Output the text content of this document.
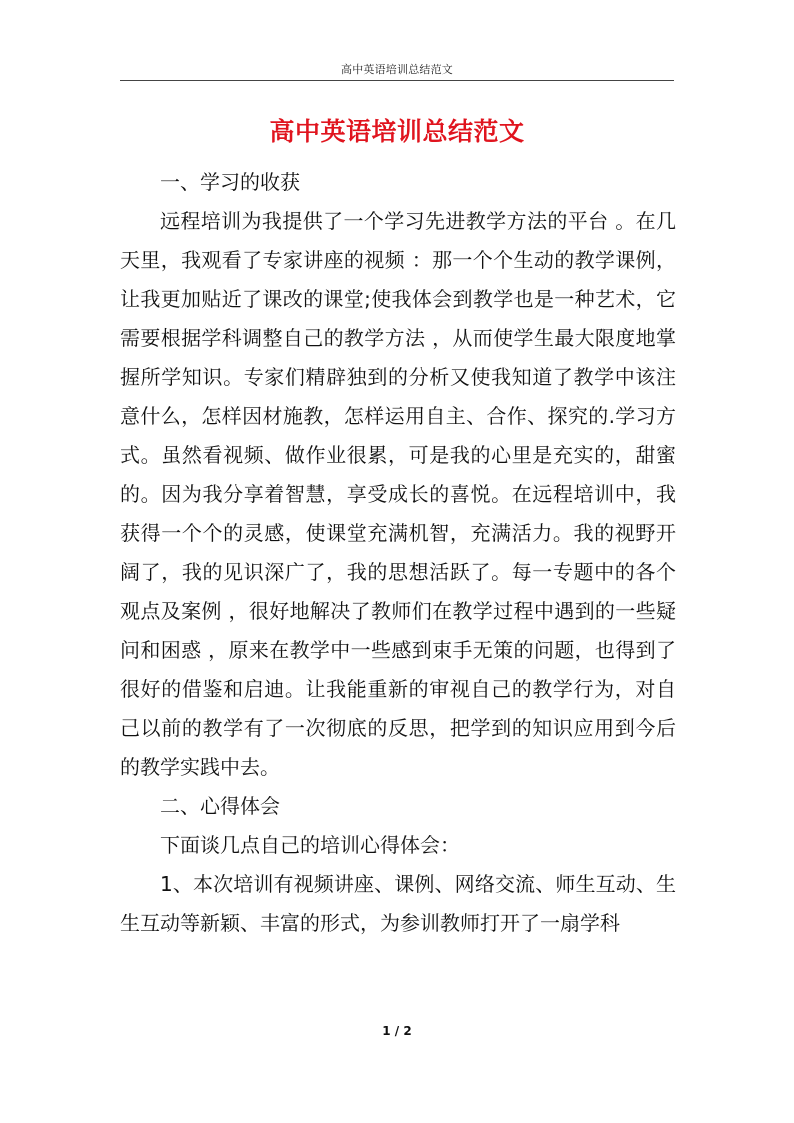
高中英语培训总结范文
高中英语培训总结范文

一、学习的收获

远程培训为我提供了一个学习先进教学方法的平台 。在几天里，我观看了专家讲座的视频 ：那一个个生动的教学课例，让我更加贴近了课改的课堂;使我体会到教学也是一种艺术，它需要根据学科调整自己的教学方法 ，从而使学生最大限度地掌握所学知识。专家们精辟独到的分析又使我知道了教学中该注意什么，怎样因材施教，怎样运用自主、合作、探究的.学习方式。虽然看视频、做作业很累，可是我的心里是充实的，甜蜜的。因为我分享着智慧，享受成长的喜悦。在远程培训中，我获得一个个的灵感，使课堂充满机智，充满活力。我的视野开阔了，我的见识深广了，我的思想活跃了。每一专题中的各个观点及案例 ，很好地解决了教师们在教学过程中遇到的一些疑问和困惑 ，原来在教学中一些感到束手无策的问题，也得到了很好的借鉴和启迪。让我能重新的审视自己的教学行为，对自己以前的教学有了一次彻底的反思，把学到的知识应用到今后的教学实践中去。

二、心得体会

下面谈几点自己的培训心得体会：

1、本次培训有视频讲座、课例、网络交流、师生互动、生生互动等新颖、丰富的形式，为参训教师打开了一扇学科

1 / 2
